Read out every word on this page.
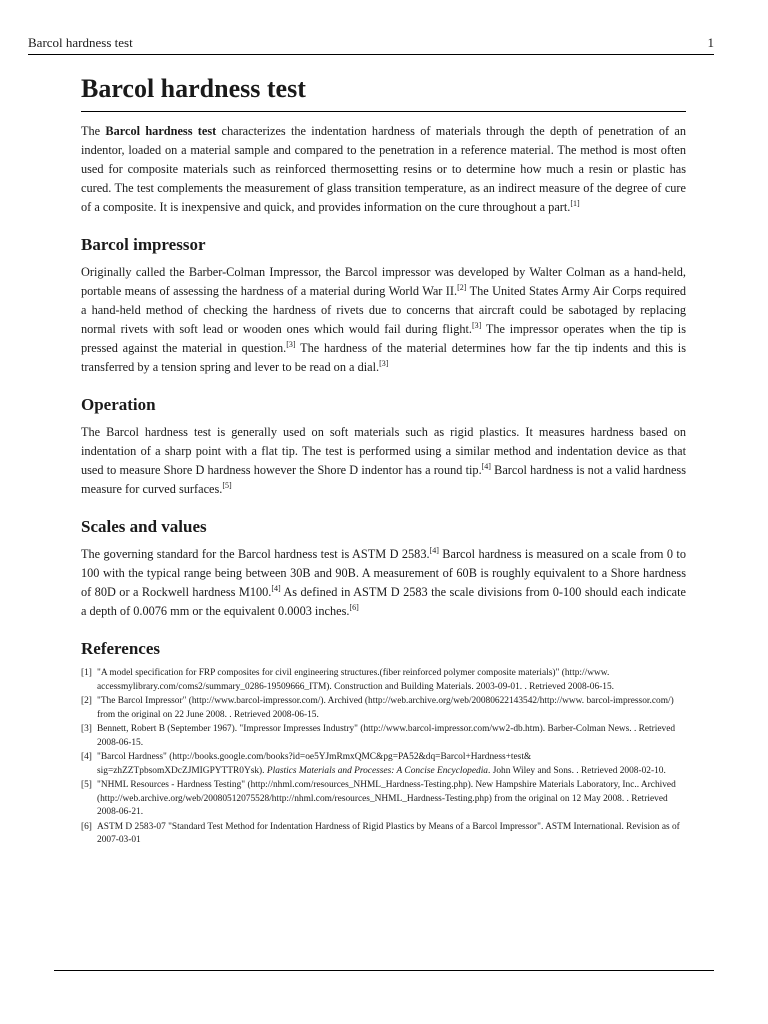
Barcol hardness test	1
Barcol hardness test

The Barcol hardness test characterizes the indentation hardness of materials through the depth of penetration of an indentor, loaded on a material sample and compared to the penetration in a reference material. The method is most often used for composite materials such as reinforced thermosetting resins or to determine how much a resin or plastic has cured. The test complements the measurement of glass transition temperature, as an indirect measure of the degree of cure of a composite. It is inexpensive and quick, and provides information on the cure throughout a part.[1]

Barcol impressor

Originally called the Barber-Colman Impressor, the Barcol impressor was developed by Walter Colman as a hand-held, portable means of assessing the hardness of a material during World War II.[2] The United States Army Air Corps required a hand-held method of checking the hardness of rivets due to concerns that aircraft could be sabotaged by replacing normal rivets with soft lead or wooden ones which would fail during flight.[3] The impressor operates when the tip is pressed against the material in question.[3] The hardness of the material determines how far the tip indents and this is transferred by a tension spring and lever to be read on a dial.[3]

Operation

The Barcol hardness test is generally used on soft materials such as rigid plastics. It measures hardness based on indentation of a sharp point with a flat tip. The test is performed using a similar method and indentation device as that used to measure Shore D hardness however the Shore D indentor has a round tip.[4] Barcol hardness is not a valid hardness measure for curved surfaces.[5]

Scales and values

The governing standard for the Barcol hardness test is ASTM D 2583.[4] Barcol hardness is measured on a scale from 0 to 100 with the typical range being between 30B and 90B. A measurement of 60B is roughly equivalent to a Shore hardness of 80D or a Rockwell hardness M100.[4] As defined in ASTM D 2583 the scale divisions from 0-100 should each indicate a depth of 0.0076 mm or the equivalent 0.0003 inches.[6]

References
[1] "A model specification for FRP composites for civil engineering structures.(fiber reinforced polymer composite materials)" (http://www. accessmylibrary.com/coms2/summary_0286-19509666_ITM). Construction and Building Materials. 2003-09-01. . Retrieved 2008-06-15.
[2] "The Barcol Impressor" (http://www.barcol-impressor.com/). Archived (http://web.archive.org/web/20080622143542/http://www. barcol-impressor.com/) from the original on 22 June 2008. . Retrieved 2008-06-15.
[3] Bennett, Robert B (September 1967). "Impressor Impresses Industry" (http://www.barcol-impressor.com/ww2-db.htm). Barber-Colman News. . Retrieved 2008-06-15.
[4] "Barcol Hardness" (http://books.google.com/books?id=oe5YJmRmxQMC&pg=PA52&dq=Barcol+Hardness+test& sig=zhZZTpbsomXDcZJMIGPYTTR0Ysk). Plastics Materials and Processes: A Concise Encyclopedia. John Wiley and Sons. . Retrieved 2008-02-10.
[5] "NHML Resources - Hardness Testing" (http://nhml.com/resources_NHML_Hardness-Testing.php). New Hampshire Materials Laboratory, Inc.. Archived (http://web.archive.org/web/20080512075528/http://nhml.com/resources_NHML_Hardness-Testing.php) from the original on 12 May 2008. . Retrieved 2008-06-21.
[6] ASTM D 2583-07 "Standard Test Method for Indentation Hardness of Rigid Plastics by Means of a Barcol Impressor". ASTM International. Revision as of 2007-03-01
